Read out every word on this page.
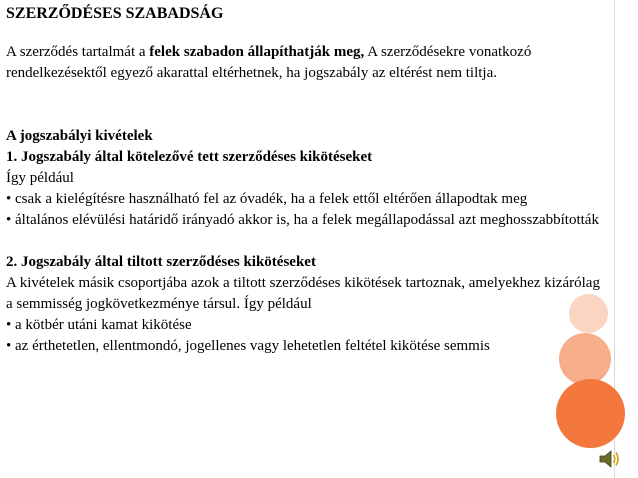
SZERZŐDÉSES SZABADSÁG

A szerződés tartalmát a felek szabadon állapíthatják meg, A szerződésekre vonatkozó

rendelkezésektől egyező akarattal eltérhetnek, ha jogszabály az eltérést nem tiltja.

A jogszabályi kivételek

1. Jogszabály által kötelezővé tett szerződéses kikötéseket

Így például

• csak a kielégítésre használható fel az óvadék, ha a felek ettől eltérően állapodtak meg

• általános elévülési határidő irányadó akkor is, ha a felek megállapodással azt meghosszabbították

2. Jogszabály által tiltott szerződéses kikötéseket

A kivételek másik csoportjába azok a tiltott szerződéses kikötések tartoznak, amelyekhez kizárólag

a semmisség jogkövetkezménye társul. Így például

• a kötbér utáni kamat kikötése

• az érthetetlen, ellentmondó, jogellenes vagy lehetetlen feltétel kikötése semmis
